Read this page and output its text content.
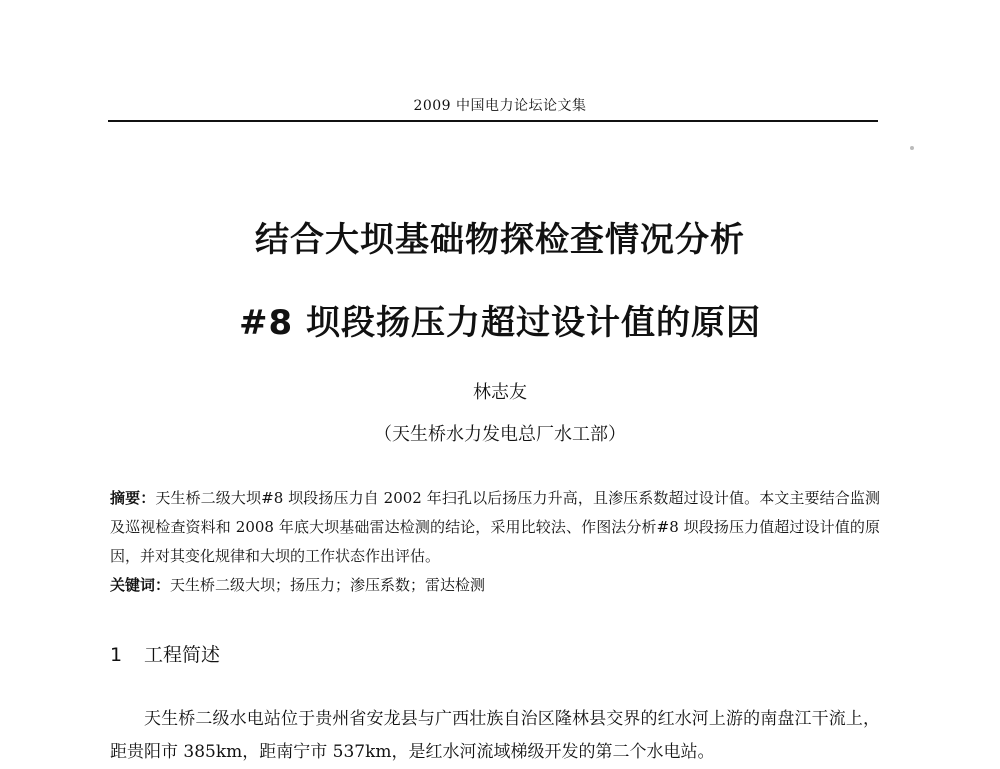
2009 中国电力论坛论文集
结合大坝基础物探检查情况分析
#8 坝段扬压力超过设计值的原因
林志友
（天生桥水力发电总厂水工部）

摘要：天生桥二级大坝#8 坝段扬压力自 2002 年扫孔以后扬压力升高，且渗压系数超过设计值。本文主要结合监测及巡视检查资料和 2008 年底大坝基础雷达检测的结论，采用比较法、作图法分析#8 坝段扬压力值超过设计值的原因，并对其变化规律和大坝的工作状态作出评估。

关键词：天生桥二级大坝；扬压力；渗压系数；雷达检测

1 工程简述

天生桥二级水电站位于贵州省安龙县与广西壮族自治区隆林县交界的红水河上游的南盘江干流上，距贵阳市 385km，距南宁市 537km，是红水河流域梯级开发的第二个水电站。
